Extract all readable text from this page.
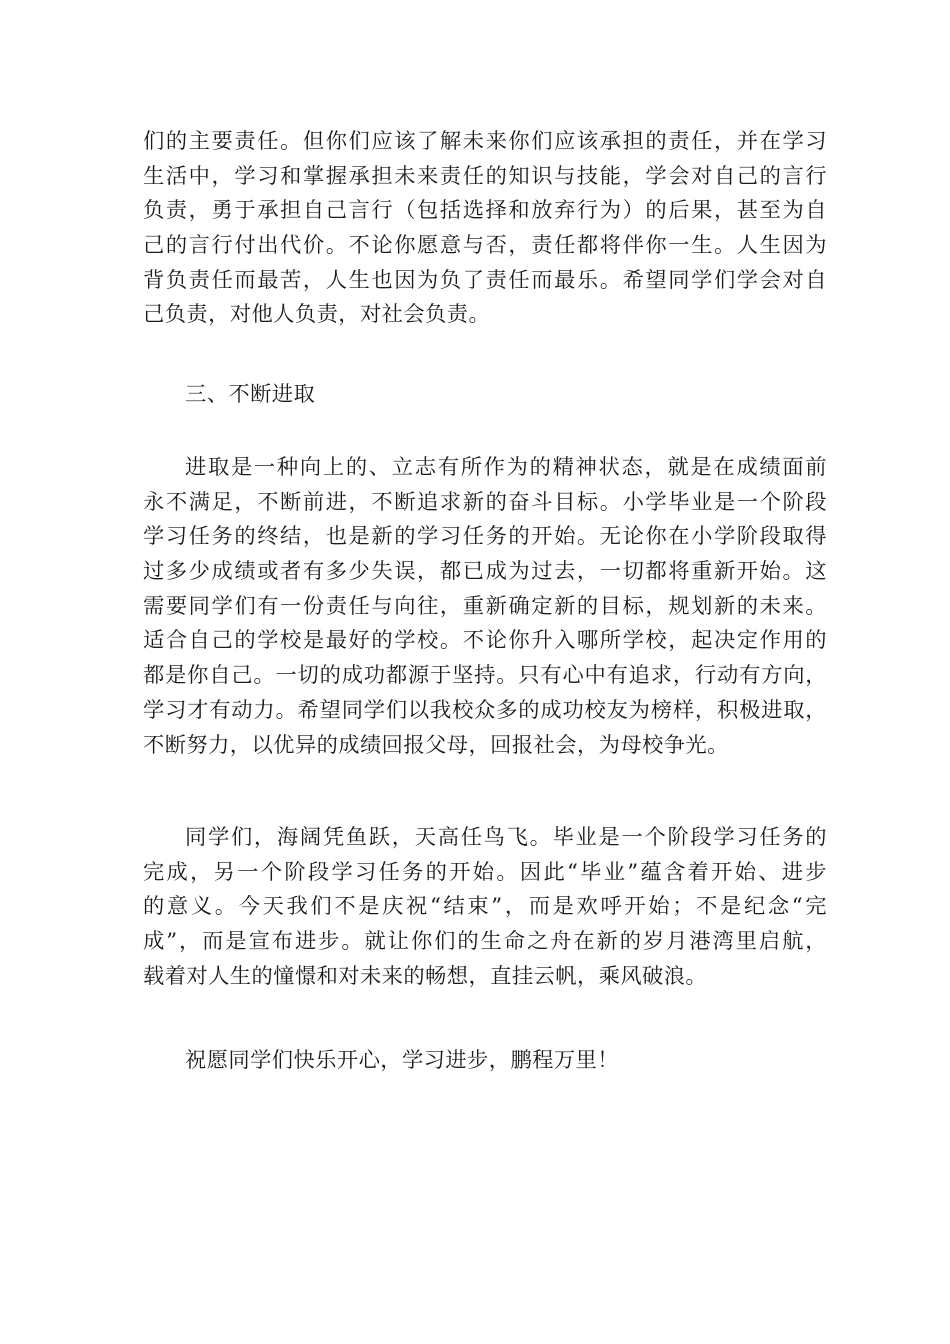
们的主要责任。但你们应该了解未来你们应该承担的责任，并在学习
生活中，学习和掌握承担未来责任的知识与技能，学会对自己的言行
负责，勇于承担自己言行（包括选择和放弃行为）的后果，甚至为自
己的言行付出代价。不论你愿意与否，责任都将伴你一生。人生因为
背负责任而最苦，人生也因为负了责任而最乐。希望同学们学会对自
己负责，对他人负责，对社会负责。
三、不断进取
进取是一种向上的、立志有所作为的精神状态，就是在成绩面前
永不满足，不断前进，不断追求新的奋斗目标。小学毕业是一个阶段
学习任务的终结，也是新的学习任务的开始。无论你在小学阶段取得
过多少成绩或者有多少失误，都已成为过去，一切都将重新开始。这
需要同学们有一份责任与向往，重新确定新的目标，规划新的未来。
适合自己的学校是最好的学校。不论你升入哪所学校，起决定作用的
都是你自己。一切的成功都源于坚持。只有心中有追求，行动有方向，
学习才有动力。希望同学们以我校众多的成功校友为榜样，积极进取，
不断努力，以优异的成绩回报父母，回报社会，为母校争光。
同学们，海阔凭鱼跃，天高任鸟飞。毕业是一个阶段学习任务的
完成，另一个阶段学习任务的开始。因此“毕业”蕴含着开始、进步
的意义。今天我们不是庆祝“结束”，而是欢呼开始；不是纪念“完
成”，而是宣布进步。就让你们的生命之舟在新的岁月港湾里启航，
载着对人生的憧憬和对未来的畅想，直挂云帆，乘风破浪。
祝愿同学们快乐开心，学习进步，鹏程万里！
